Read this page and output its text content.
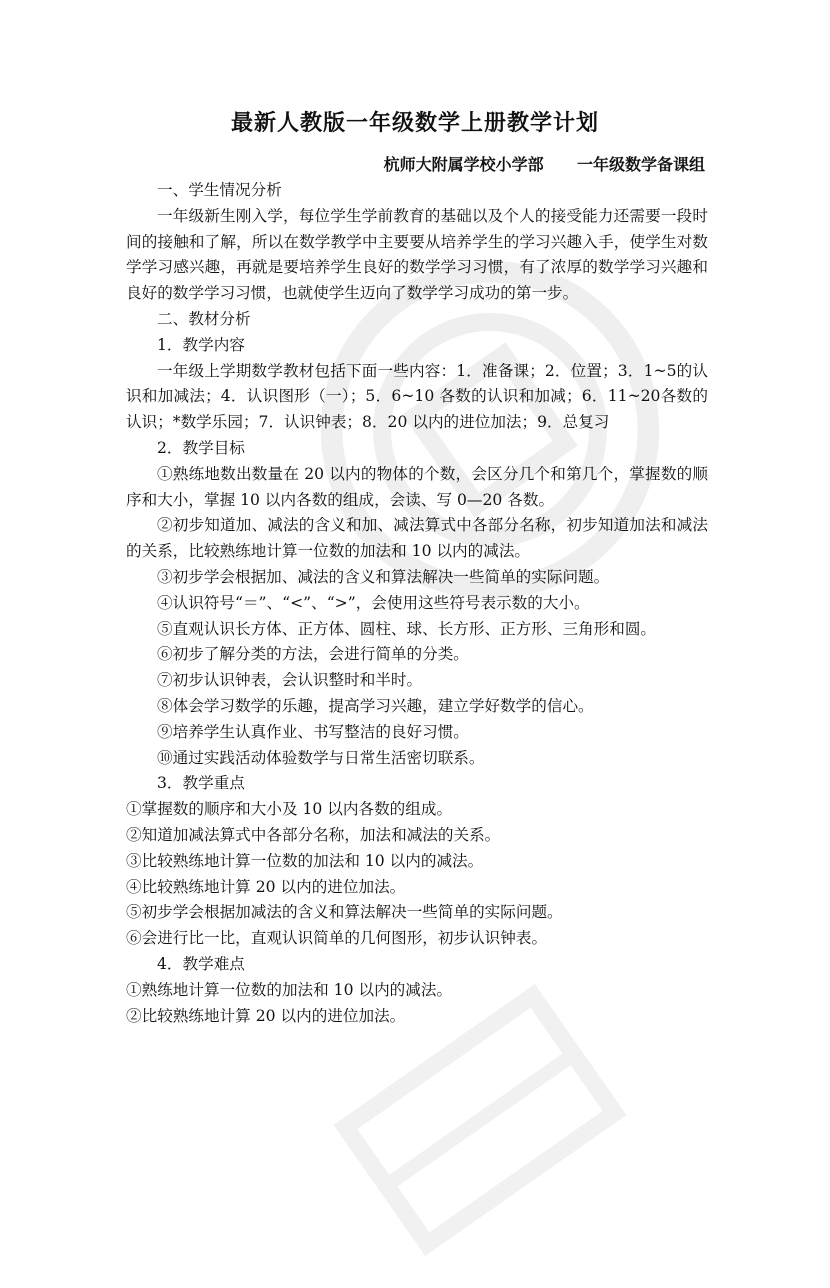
最新人教版一年级数学上册教学计划
杭师大附属学校小学部      一年级数学备课组

一、学生情况分析

一年级新生刚入学，每位学生学前教育的基础以及个人的接受能力还需要一段时间的接触和了解，所以在数学教学中主要要从培养学生的学习兴趣入手，使学生对数学学习感兴趣，再就是要培养学生良好的数学学习习惯，有了浓厚的数学学习兴趣和良好的数学学习习惯，也就使学生迈向了数学学习成功的第一步。

二、教材分析

1．教学内容

一年级上学期数学教材包括下面一些内容：1．准备课；2．位置；3．1~5的认识和加减法；4．认识图形（一）；5．6~10 各数的认识和加减；6．11~20各数的认识；*数学乐园；7．认识钟表；8．20 以内的进位加法；9．总复习

2．教学目标

①熟练地数出数量在 20 以内的物体的个数，会区分几个和第几个，掌握数的顺序和大小，掌握 10 以内各数的组成，会读、写 0—20 各数。

②初步知道加、减法的含义和加、减法算式中各部分名称，初步知道加法和减法的关系，比较熟练地计算一位数的加法和 10 以内的减法。

③初步学会根据加、减法的含义和算法解决一些简单的实际问题。

④认识符号“＝”、“<”、“>”，会使用这些符号表示数的大小。

⑤直观认识长方体、正方体、圆柱、球、长方形、正方形、三角形和圆。

⑥初步了解分类的方法，会进行简单的分类。

⑦初步认识钟表，会认识整时和半时。

⑧体会学习数学的乐趣，提高学习兴趣，建立学好数学的信心。

⑨培养学生认真作业、书写整洁的良好习惯。

⑩通过实践活动体验数学与日常生活密切联系。

3．教学重点

①掌握数的顺序和大小及 10 以内各数的组成。

②知道加减法算式中各部分名称，加法和减法的关系。

③比较熟练地计算一位数的加法和 10 以内的减法。

④比较熟练地计算 20 以内的进位加法。

⑤初步学会根据加减法的含义和算法解决一些简单的实际问题。

⑥会进行比一比，直观认识简单的几何图形，初步认识钟表。

4．教学难点

①熟练地计算一位数的加法和 10 以内的减法。

②比较熟练地计算 20 以内的进位加法。
